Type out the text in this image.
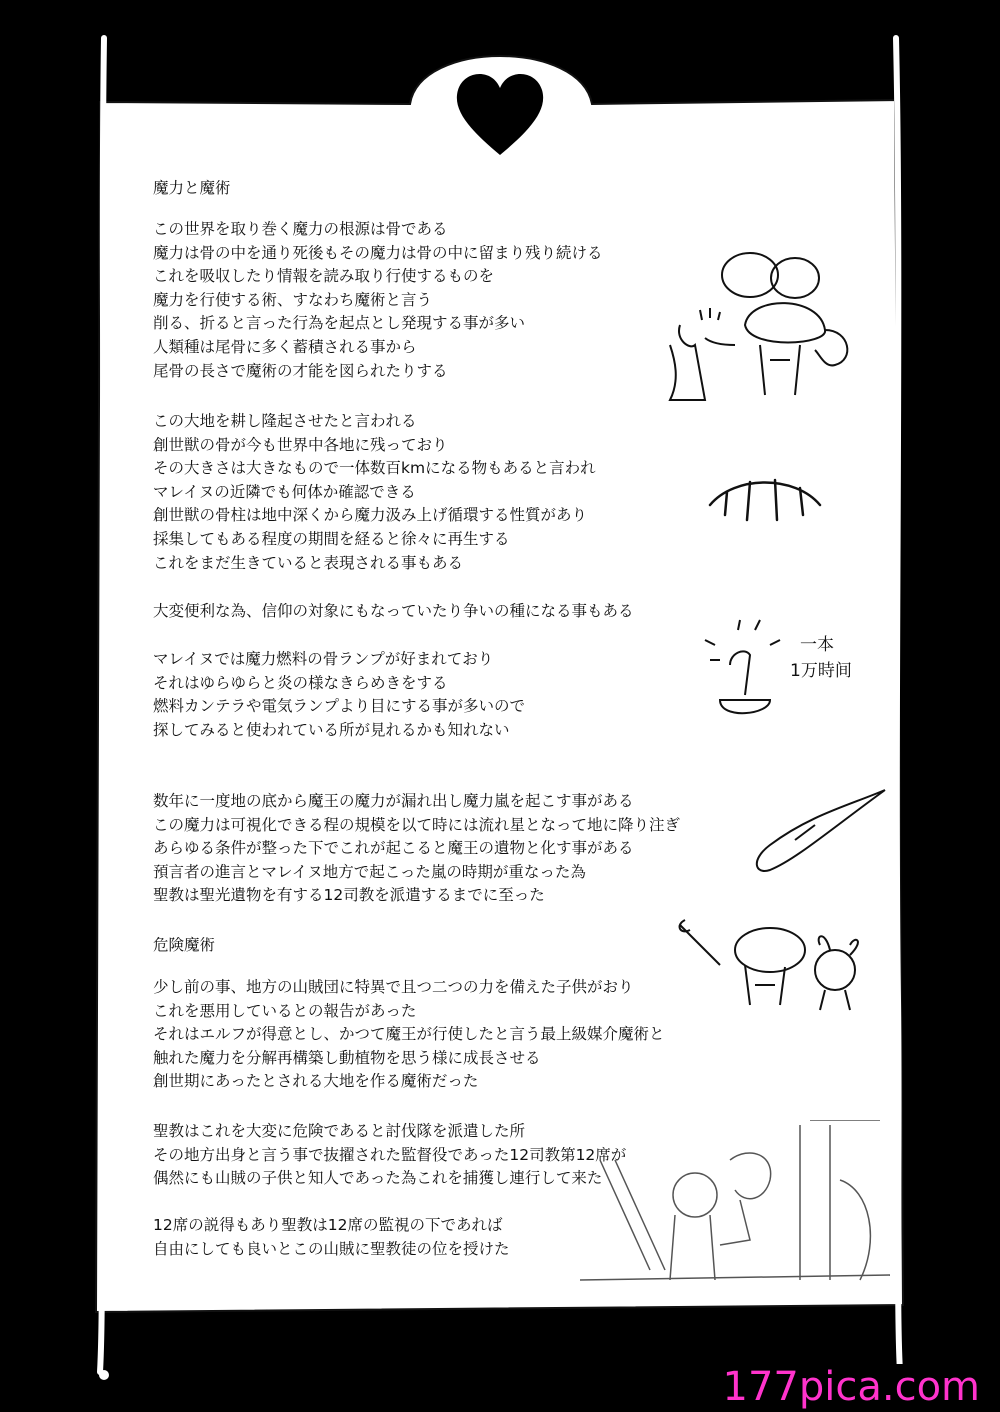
魔力と魔術
この世界を取り巻く魔力の根源は骨である
魔力は骨の中を通り死後もその魔力は骨の中に留まり残り続ける
これを吸収したり情報を読み取り行使するものを
魔力を行使する術、すなわち魔術と言う
削る、折ると言った行為を起点とし発現する事が多い
人類種は尾骨に多く蓄積される事から
尾骨の長さで魔術の才能を図られたりする
この大地を耕し隆起させたと言われる
創世獣の骨が今も世界中各地に残っており
その大きさは大きなもので一体数百kmになる物もあると言われ
マレイヌの近隣でも何体か確認できる
創世獣の骨柱は地中深くから魔力汲み上げ循環する性質があり
採集してもある程度の期間を経ると徐々に再生する
これをまだ生きていると表現される事もある
大変便利な為、信仰の対象にもなっていたり争いの種になる事もある
マレイヌでは魔力燃料の骨ランプが好まれており
それはゆらゆらと炎の様なきらめきをする
燃料カンテラや電気ランプより目にする事が多いので
探してみると使われている所が見れるかも知れない
数年に一度地の底から魔王の魔力が漏れ出し魔力嵐を起こす事がある
この魔力は可視化できる程の規模を以て時には流れ星となって地に降り注ぎ
あらゆる条件が整った下でこれが起こると魔王の遺物と化す事がある
預言者の進言とマレイヌ地方で起こった嵐の時期が重なった為
聖教は聖光遺物を有する12司教を派遣するまでに至った
危険魔術
少し前の事、地方の山賊団に特異で且つ二つの力を備えた子供がおり
これを悪用しているとの報告があった
それはエルフが得意とし、かつて魔王が行使したと言う最上級媒介魔術と
触れた魔力を分解再構築し動植物を思う様に成長させる
創世期にあったとされる大地を作る魔術だった
聖教はこれを大変に危険であると討伐隊を派遣した所
その地方出身と言う事で抜擢された監督役であった12司教第12席が
偶然にも山賊の子供と知人であった為これを捕獲し連行して来た
12席の説得もあり聖教は12席の監視の下であれば
自由にしても良いとこの山賊に聖教徒の位を授けた
一本
1万時间
177pica.com
